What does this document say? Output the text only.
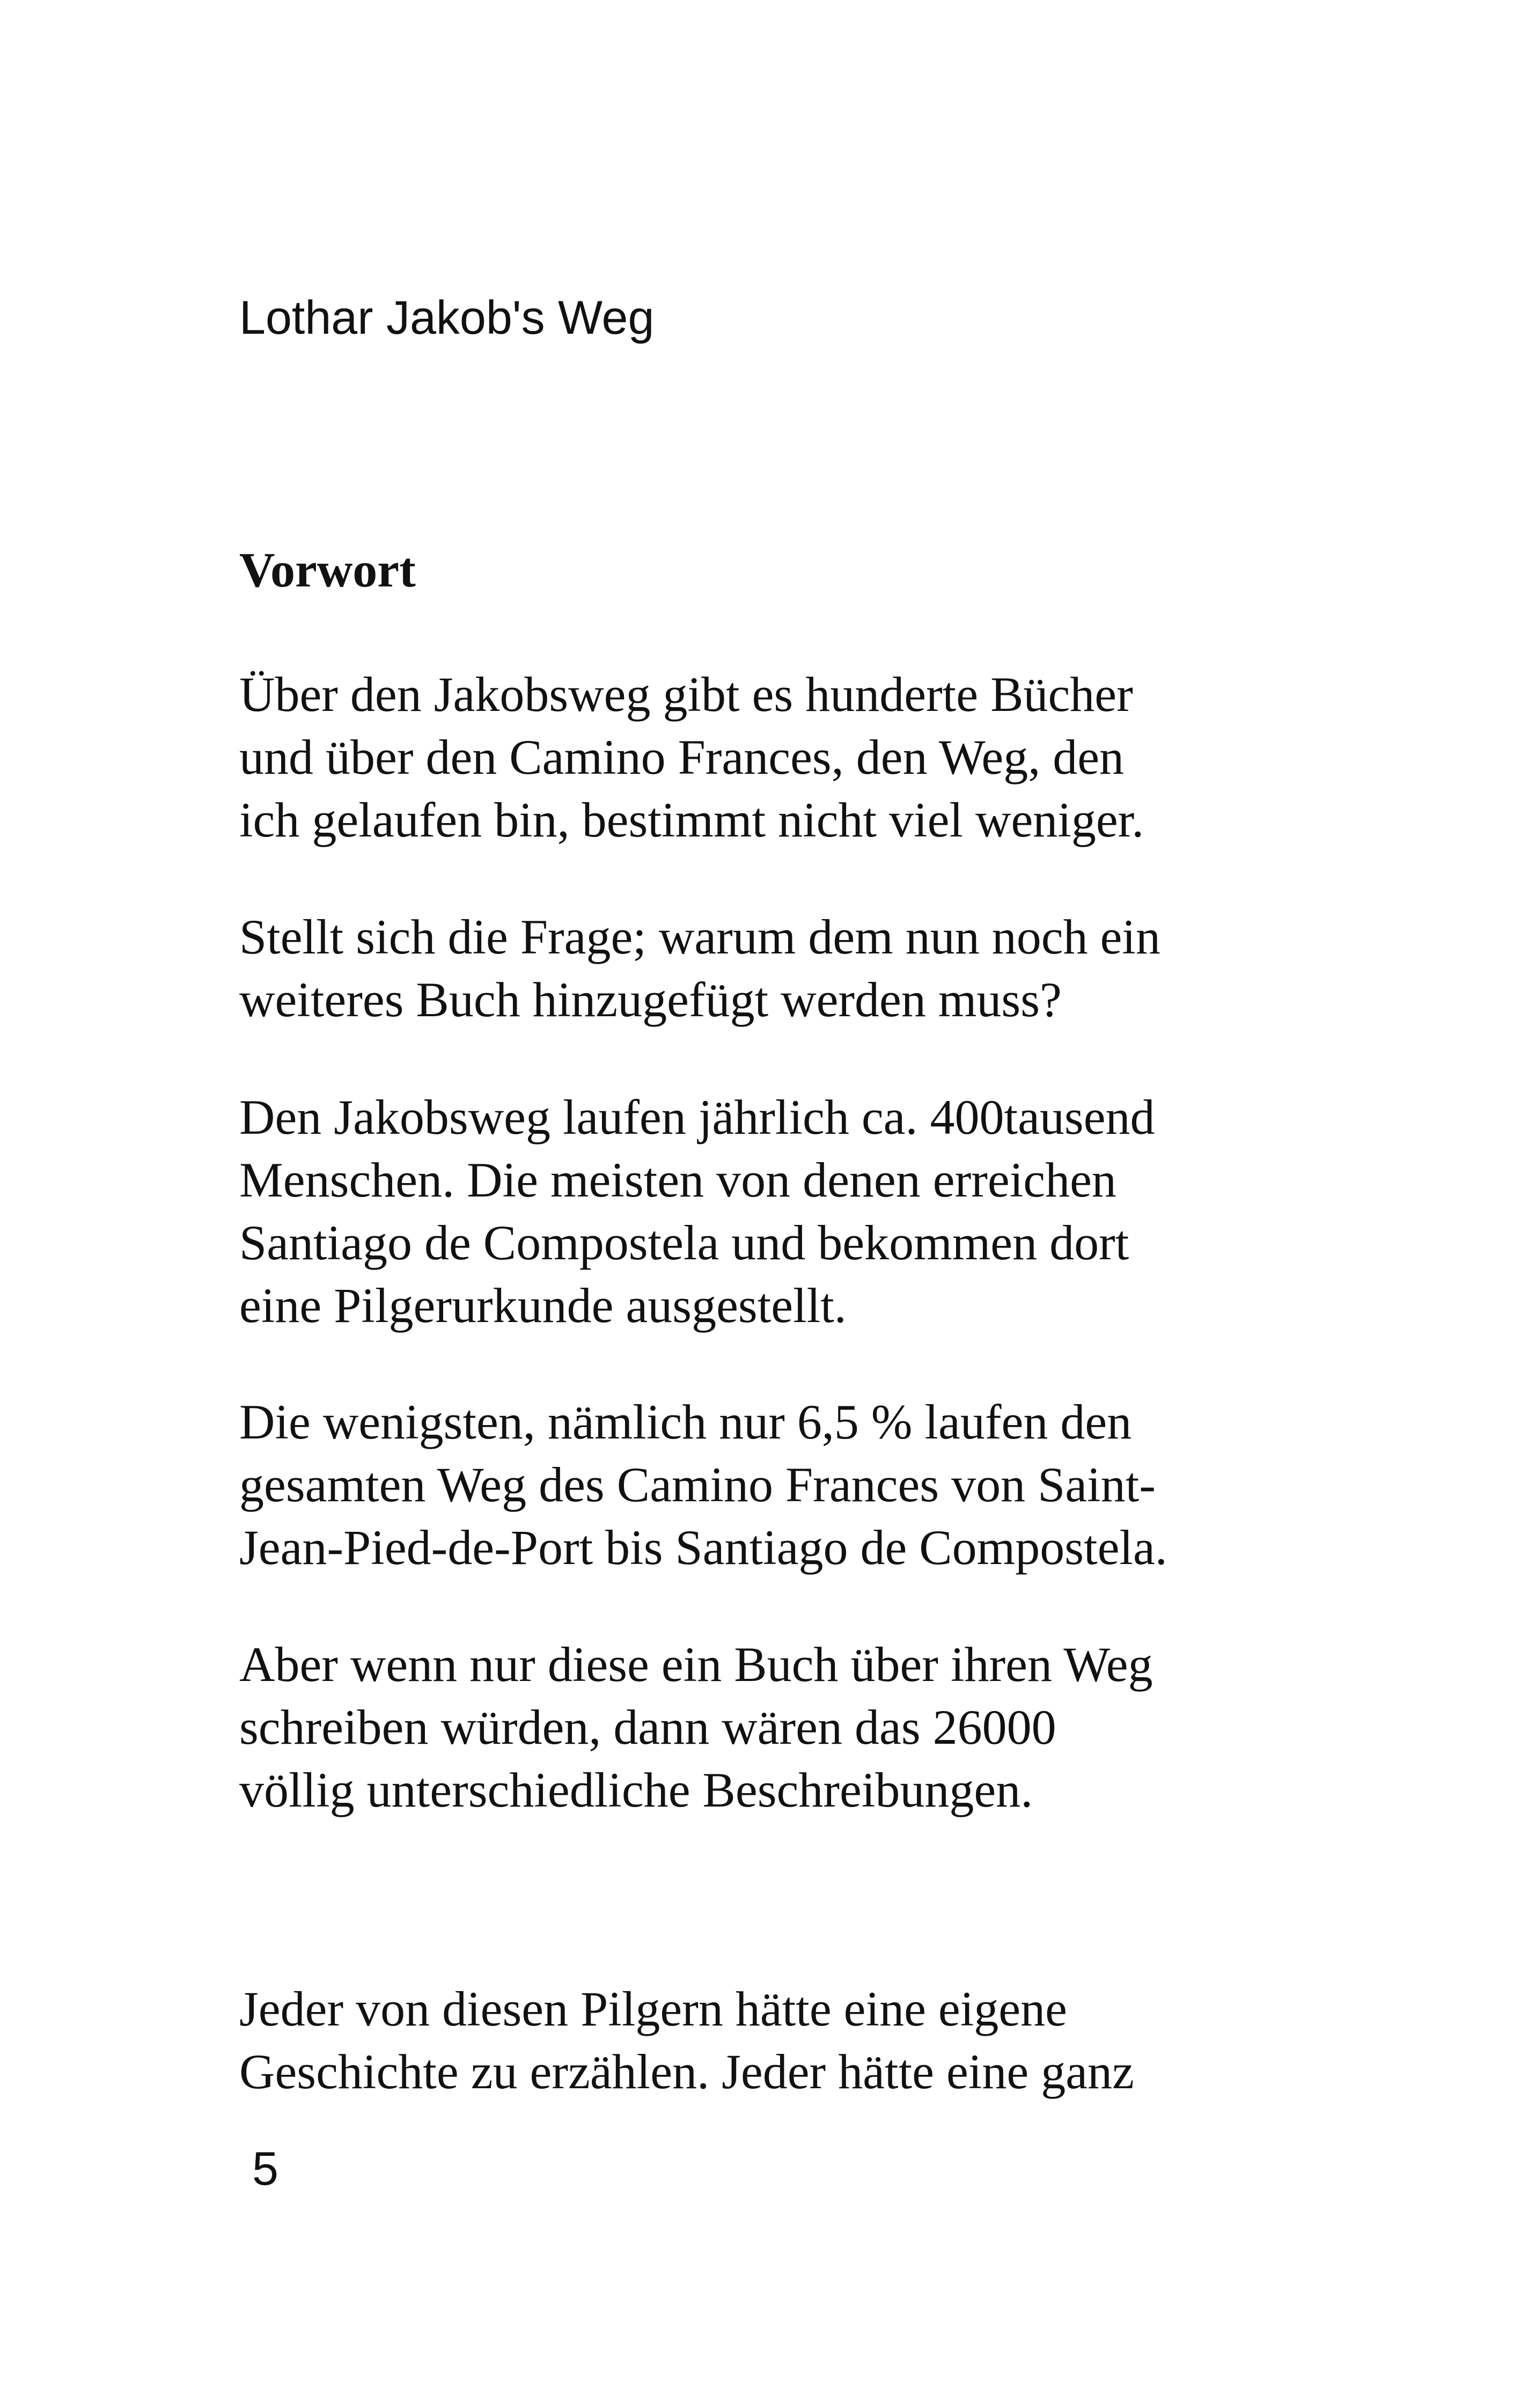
Lothar Jakob's Weg
Vorwort
Über den Jakobsweg gibt es hunderte Bücher
und über den Camino Frances, den Weg, den
ich gelaufen bin, bestimmt nicht viel weniger.
Stellt sich die Frage; warum dem nun noch ein
weiteres Buch hinzugefügt werden muss?
Den Jakobsweg laufen jährlich ca. 400tausend
Menschen. Die meisten von denen erreichen
Santiago de Compostela und bekommen dort
eine Pilgerurkunde ausgestellt.
Die wenigsten, nämlich nur 6,5 % laufen den
gesamten Weg des Camino Frances von Saint-
Jean-Pied-de-Port bis Santiago de Compostela.
Aber wenn nur diese ein Buch über ihren Weg
schreiben würden, dann wären das 26000
völlig unterschiedliche Beschreibungen.
Jeder von diesen Pilgern hätte eine eigene
Geschichte zu erzählen. Jeder hätte eine ganz
5
